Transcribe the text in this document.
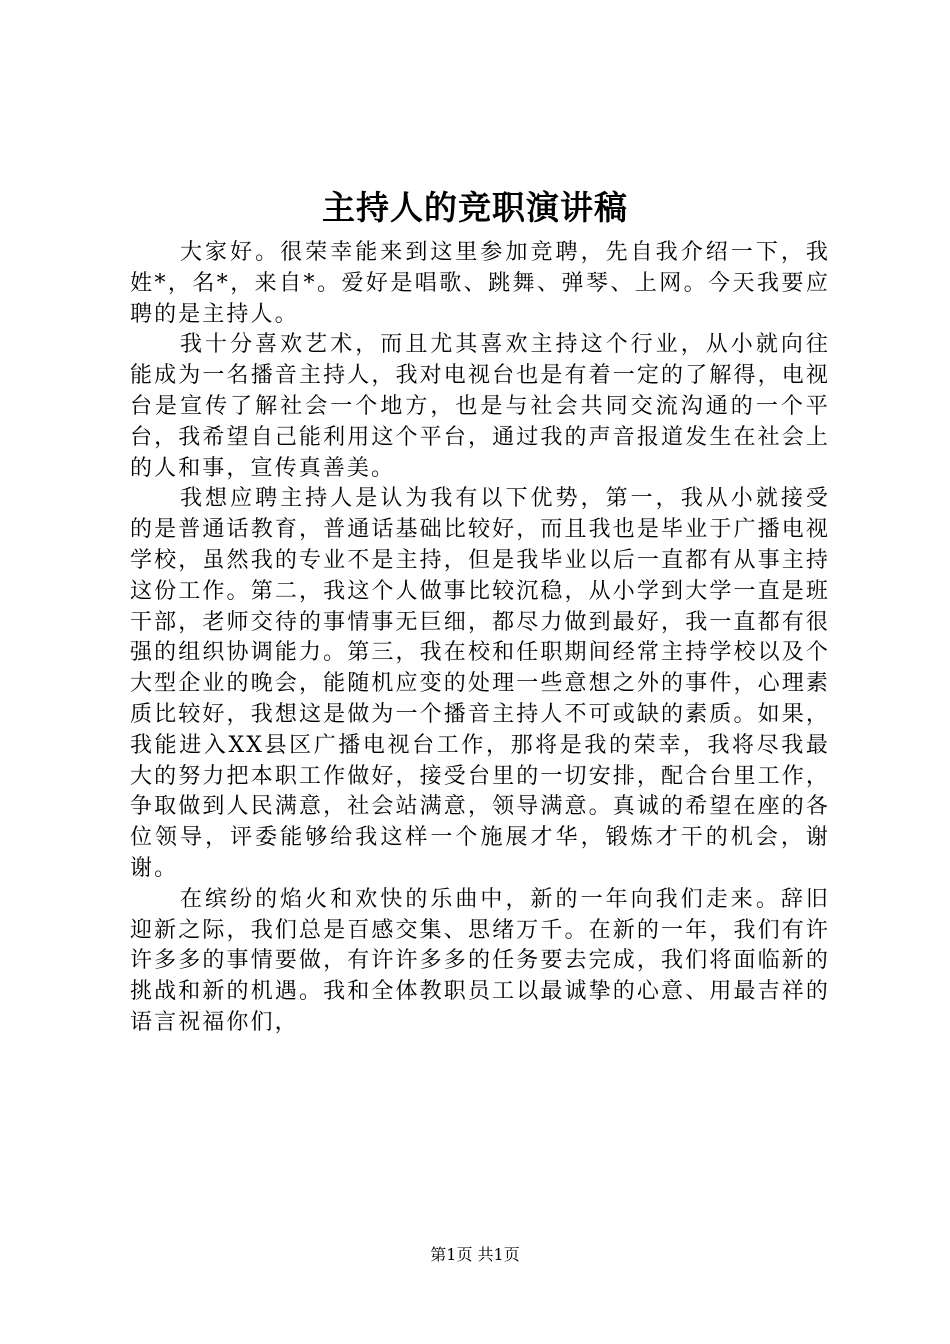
主持人的竞职演讲稿

大家好。很荣幸能来到这里参加竞聘，先自我介绍一下，我姓*，名*，来自*。爱好是唱歌、跳舞、弹琴、上网。今天我要应聘的是主持人。

我十分喜欢艺术，而且尤其喜欢主持这个行业，从小就向往能成为一名播音主持人，我对电视台也是有着一定的了解得，电视台是宣传了解社会一个地方，也是与社会共同交流沟通的一个平台，我希望自己能利用这个平台，通过我的声音报道发生在社会上的人和事，宣传真善美。

我想应聘主持人是认为我有以下优势，第一，我从小就接受的是普通话教育，普通话基础比较好，而且我也是毕业于广播电视学校，虽然我的专业不是主持，但是我毕业以后一直都有从事主持这份工作。第二，我这个人做事比较沉稳，从小学到大学一直是班干部，老师交待的事情事无巨细，都尽力做到最好，我一直都有很强的组织协调能力。第三，我在校和任职期间经常主持学校以及个大型企业的晚会，能随机应变的处理一些意想之外的事件，心理素质比较好，我想这是做为一个播音主持人不可或缺的素质。如果，我能进入XX县区广播电视台工作，那将是我的荣幸，我将尽我最大的努力把本职工作做好，接受台里的一切安排，配合台里工作，争取做到人民满意，社会站满意，领导满意。真诚的希望在座的各位领导，评委能够给我这样一个施展才华，锻炼才干的机会，谢谢。

在缤纷的焰火和欢快的乐曲中，新的一年向我们走来。辞旧迎新之际，我们总是百感交集、思绪万千。在新的一年，我们有许许多多的事情要做，有许许多多的任务要去完成，我们将面临新的挑战和新的机遇。我和全体教职员工以最诚挚的心意、用最吉祥的语言祝福你们，

第1页 共1页
